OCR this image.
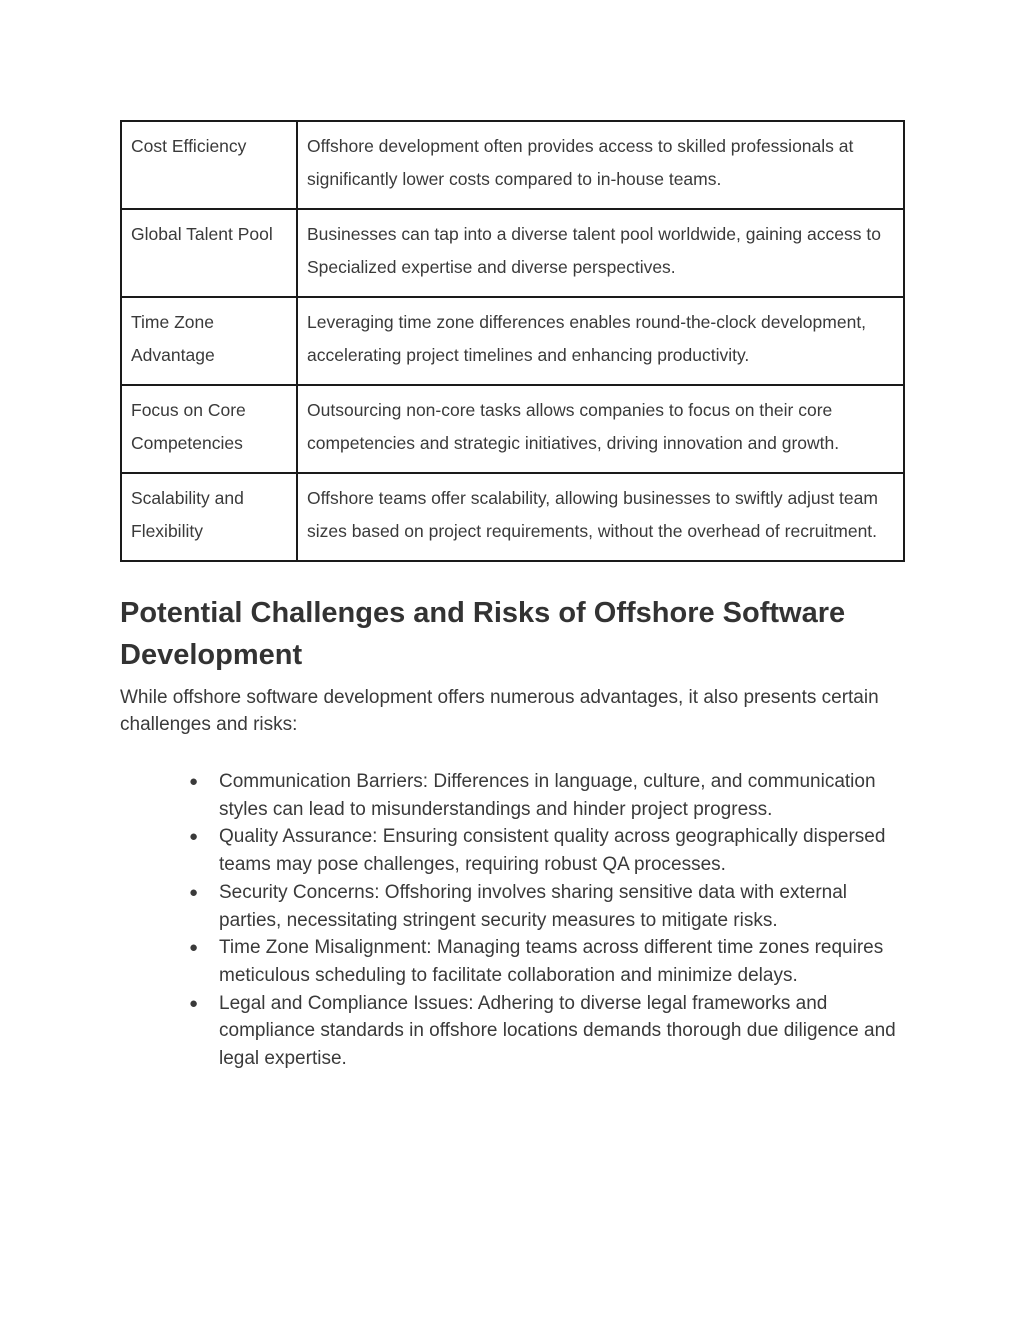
Cost Efficiency	Offshore development often provides access to skilled professionals at significantly lower costs compared to in-house teams.
Global Talent Pool	Businesses can tap into a diverse talent pool worldwide, gaining access to Specialized expertise and diverse perspectives.
Time Zone Advantage	Leveraging time zone differences enables round-the-clock development, accelerating project timelines and enhancing productivity.
Focus on Core Competencies	Outsourcing non-core tasks allows companies to focus on their core competencies and strategic initiatives, driving innovation and growth.
Scalability and Flexibility	Offshore teams offer scalability, allowing businesses to swiftly adjust team sizes based on project requirements, without the overhead of recruitment.
Potential Challenges and Risks of Offshore Software Development

While offshore software development offers numerous advantages, it also presents certain challenges and risks:

● Communication Barriers: Differences in language, culture, and communication styles can lead to misunderstandings and hinder project progress.
● Quality Assurance: Ensuring consistent quality across geographically dispersed teams may pose challenges, requiring robust QA processes.
● Security Concerns: Offshoring involves sharing sensitive data with external parties, necessitating stringent security measures to mitigate risks.
● Time Zone Misalignment: Managing teams across different time zones requires meticulous scheduling to facilitate collaboration and minimize delays.
● Legal and Compliance Issues: Adhering to diverse legal frameworks and compliance standards in offshore locations demands thorough due diligence and legal expertise.
